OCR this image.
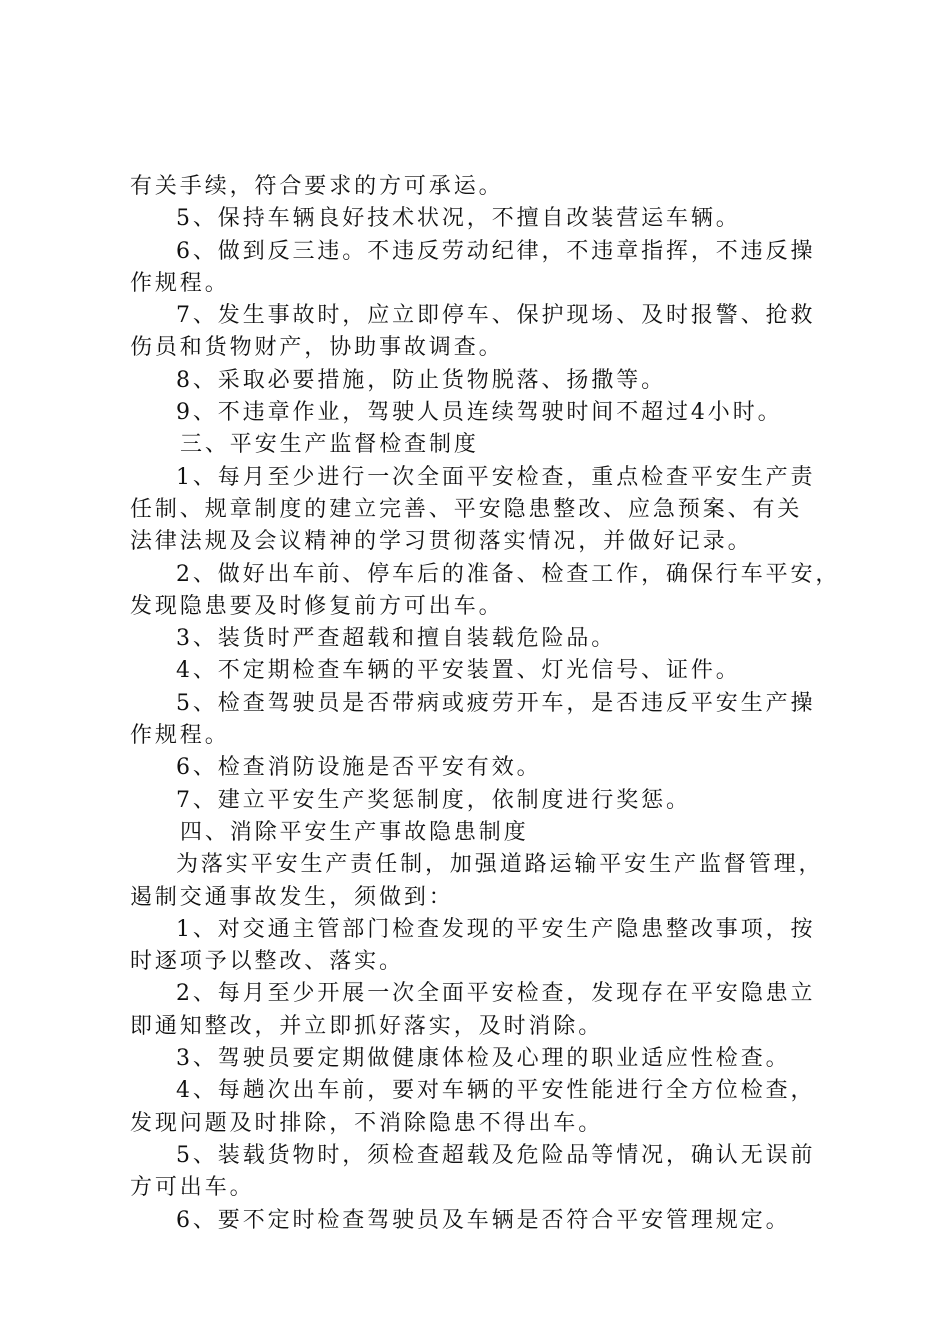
有关手续，符合要求的方可承运。
5、保持车辆良好技术状况，不擅自改装营运车辆。
6、做到反三违。不违反劳动纪律，不违章指挥，不违反操
作规程。
7、发生事故时，应立即停车、保护现场、及时报警、抢救
伤员和货物财产，协助事故调查。
8、采取必要措施，防止货物脱落、扬撒等。
9、不违章作业，驾驶人员连续驾驶时间不超过4小时。
三、平安生产监督检查制度
1、每月至少进行一次全面平安检查，重点检查平安生产责
任制、规章制度的建立完善、平安隐患整改、应急预案、有关
法律法规及会议精神的学习贯彻落实情况，并做好记录。
2、做好出车前、停车后的准备、检查工作，确保行车平安，
发现隐患要及时修复前方可出车。
3、装货时严查超载和擅自装载危险品。
4、不定期检查车辆的平安装置、灯光信号、证件。
5、检查驾驶员是否带病或疲劳开车，是否违反平安生产操
作规程。
6、检查消防设施是否平安有效。
7、建立平安生产奖惩制度，依制度进行奖惩。
四、消除平安生产事故隐患制度
为落实平安生产责任制，加强道路运输平安生产监督管理，
遏制交通事故发生，须做到：
1、对交通主管部门检查发现的平安生产隐患整改事项，按
时逐项予以整改、落实。
2、每月至少开展一次全面平安检查，发现存在平安隐患立
即通知整改，并立即抓好落实，及时消除。
3、驾驶员要定期做健康体检及心理的职业适应性检查。
4、每趟次出车前，要对车辆的平安性能进行全方位检查，
发现问题及时排除，不消除隐患不得出车。
5、装载货物时，须检查超载及危险品等情况，确认无误前
方可出车。
6、要不定时检查驾驶员及车辆是否符合平安管理规定。
